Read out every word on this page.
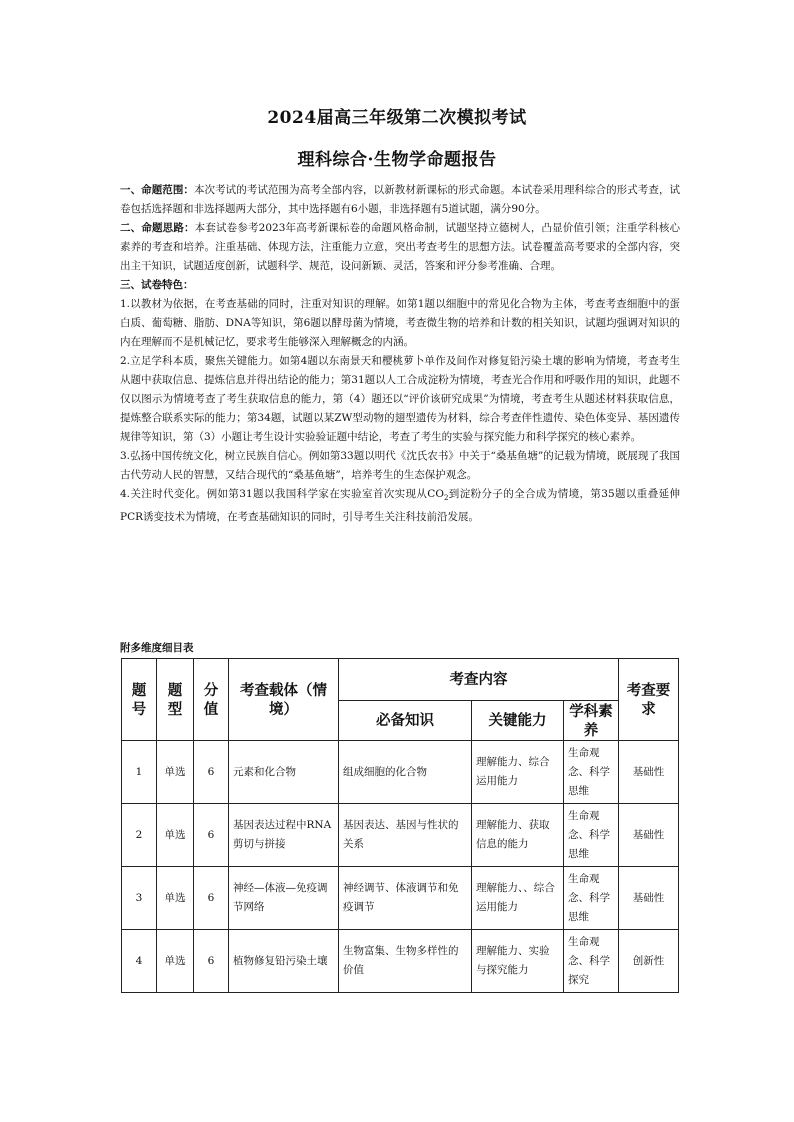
2024届高三年级第二次模拟考试
理科综合·生物学命题报告

一、命题范围：本次考试的考试范围为高考全部内容，以新教材新课标的形式命题。本试卷采用理科综合的形式考查，试卷包括选择题和非选择题两大部分，其中选择题有6小题，非选择题有5道试题，满分90分。

二、命题思路：本套试卷参考2023年高考新课标卷的命题风格命制，试题坚持立德树人，凸显价值引领；注重学科核心素养的考查和培养。注重基础、体现方法，注重能力立意，突出考查考生的思想方法。试卷覆盖高考要求的全部内容，突出主干知识，试题适度创新，试题科学、规范，设问新颖、灵活，答案和评分参考准确、合理。

三、试卷特色：

1.以教材为依据，在考查基础的同时，注重对知识的理解。如第1题以细胞中的常见化合物为主体，考查考查细胞中的蛋白质、葡萄糖、脂肪、DNA等知识，第6题以酵母菌为情境，考查微生物的培养和计数的相关知识，试题均强调对知识的内在理解而不是机械记忆，要求考生能够深入理解概念的内涵。

2.立足学科本质，聚焦关键能力。如第4题以东南景天和樱桃萝卜单作及间作对修复铅污染土壤的影响为情境，考查考生从题中获取信息、提炼信息并得出结论的能力；第31题以人工合成淀粉为情境，考查光合作用和呼吸作用的知识，此题不仅以图示为情境考查了考生获取信息的能力，第（4）题还以“评价该研究成果”为情境，考查考生从题述材料获取信息，提炼整合联系实际的能力；第34题，试题以某ZW型动物的翅型遗传为材料，综合考查伴性遗传、染色体变异、基因遗传规律等知识，第（3）小题让考生设计实验验证题中结论，考查了考生的实验与探究能力和科学探究的核心素养。

3.弘扬中国传统文化，树立民族自信心。例如第33题以明代《沈氏农书》中关于“桑基鱼塘”的记载为情境，既展现了我国古代劳动人民的智慧，又结合现代的“桑基鱼塘”，培养考生的生态保护观念。

4.关注时代变化。例如第31题以我国科学家在实验室首次实现从$CO_2$到淀粉分子的全合成为情境，第35题以重叠延伸PCR诱变技术为情境，在考查基础知识的同时，引导考生关注科技前沿发展。

附多维度细目表
题号	题型	分值	考查载体（情境）	考查内容			考查要求
				必备知识	关键能力	学科素养	
1	单选	6	元素和化合物	组成细胞的化合物	理解能力、综合运用能力	生命观念、科学思维	基础性
2	单选	6	基因表达过程中RNA剪切与拼接	基因表达、基因与性状的关系	理解能力、获取信息的能力	生命观念、科学思维	基础性
3	单选	6	神经—体液—免疫调节网络	神经调节、体液调节和免疫调节	理解能力、、综合运用能力	生命观念、科学思维	基础性
4	单选	6	植物修复铅污染土壤	生物富集、生物多样性的价值	理解能力、实验与探究能力	生命观念、科学探究	创新性
